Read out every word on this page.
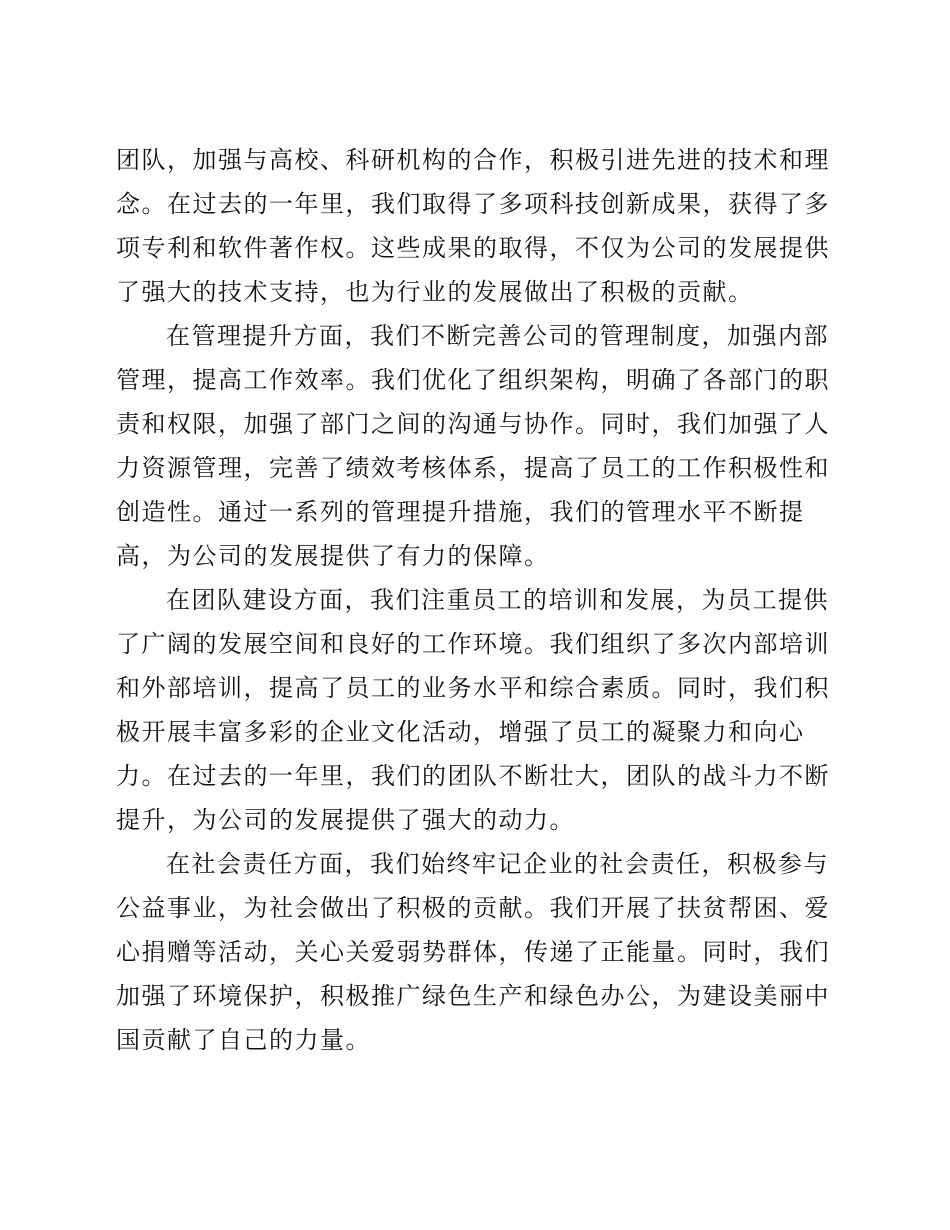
团队，加强与高校、科研机构的合作，积极引进先进的技术和理
念。在过去的一年里，我们取得了多项科技创新成果，获得了多
项专利和软件著作权。这些成果的取得，不仅为公司的发展提供
了强大的技术支持，也为行业的发展做出了积极的贡献。
在管理提升方面，我们不断完善公司的管理制度，加强内部
管理，提高工作效率。我们优化了组织架构，明确了各部门的职
责和权限，加强了部门之间的沟通与协作。同时，我们加强了人
力资源管理，完善了绩效考核体系，提高了员工的工作积极性和
创造性。通过一系列的管理提升措施，我们的管理水平不断提
高，为公司的发展提供了有力的保障。
在团队建设方面，我们注重员工的培训和发展，为员工提供
了广阔的发展空间和良好的工作环境。我们组织了多次内部培训
和外部培训，提高了员工的业务水平和综合素质。同时，我们积
极开展丰富多彩的企业文化活动，增强了员工的凝聚力和向心
力。在过去的一年里，我们的团队不断壮大，团队的战斗力不断
提升，为公司的发展提供了强大的动力。
在社会责任方面，我们始终牢记企业的社会责任，积极参与
公益事业，为社会做出了积极的贡献。我们开展了扶贫帮困、爱
心捐赠等活动，关心关爱弱势群体，传递了正能量。同时，我们
加强了环境保护，积极推广绿色生产和绿色办公，为建设美丽中
国贡献了自己的力量。
